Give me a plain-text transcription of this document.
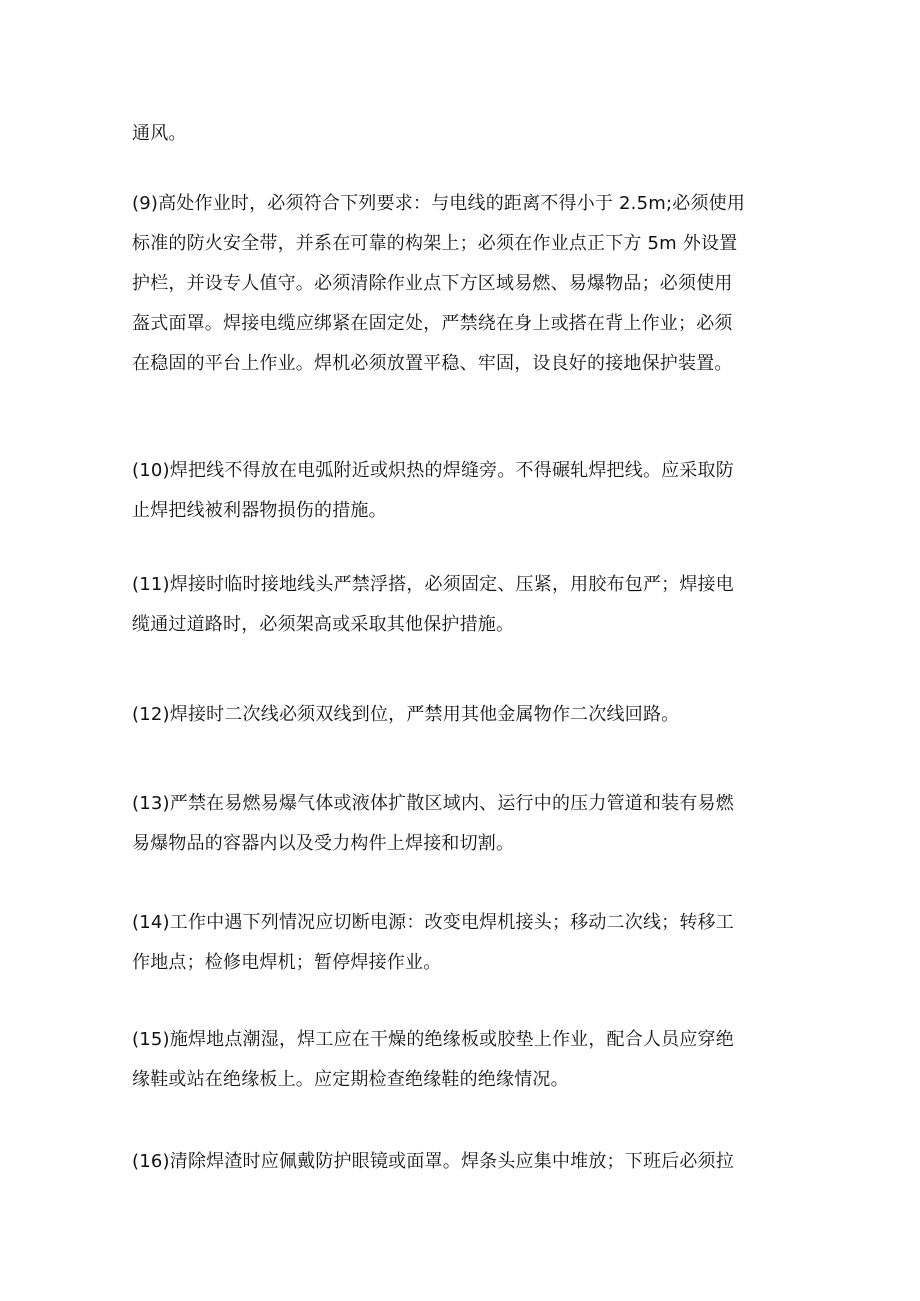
通风。

(9)高处作业时，必须符合下列要求：与电线的距离不得小于 2.5m;必须使用
标准的防火安全带，并系在可靠的构架上；必须在作业点正下方 5m 外设置
护栏，并设专人值守。必须清除作业点下方区域易燃、易爆物品；必须使用
盔式面罩。焊接电缆应绑紧在固定处，严禁绕在身上或搭在背上作业；必须
在稳固的平台上作业。焊机必须放置平稳、牢固，设良好的接地保护装置。

(10)焊把线不得放在电弧附近或炽热的焊缝旁。不得碾轧焊把线。应采取防
止焊把线被利器物损伤的措施。

(11)焊接时临时接地线头严禁浮搭，必须固定、压紧，用胶布包严；焊接电
缆通过道路时，必须架高或采取其他保护措施。

(12)焊接时二次线必须双线到位，严禁用其他金属物作二次线回路。

(13)严禁在易燃易爆气体或液体扩散区域内、运行中的压力管道和装有易燃
易爆物品的容器内以及受力构件上焊接和切割。

(14)工作中遇下列情况应切断电源：改变电焊机接头；移动二次线；转移工
作地点；检修电焊机；暂停焊接作业。

(15)施焊地点潮湿，焊工应在干燥的绝缘板或胶垫上作业，配合人员应穿绝
缘鞋或站在绝缘板上。应定期检查绝缘鞋的绝缘情况。

(16)清除焊渣时应佩戴防护眼镜或面罩。焊条头应集中堆放；下班后必须拉
